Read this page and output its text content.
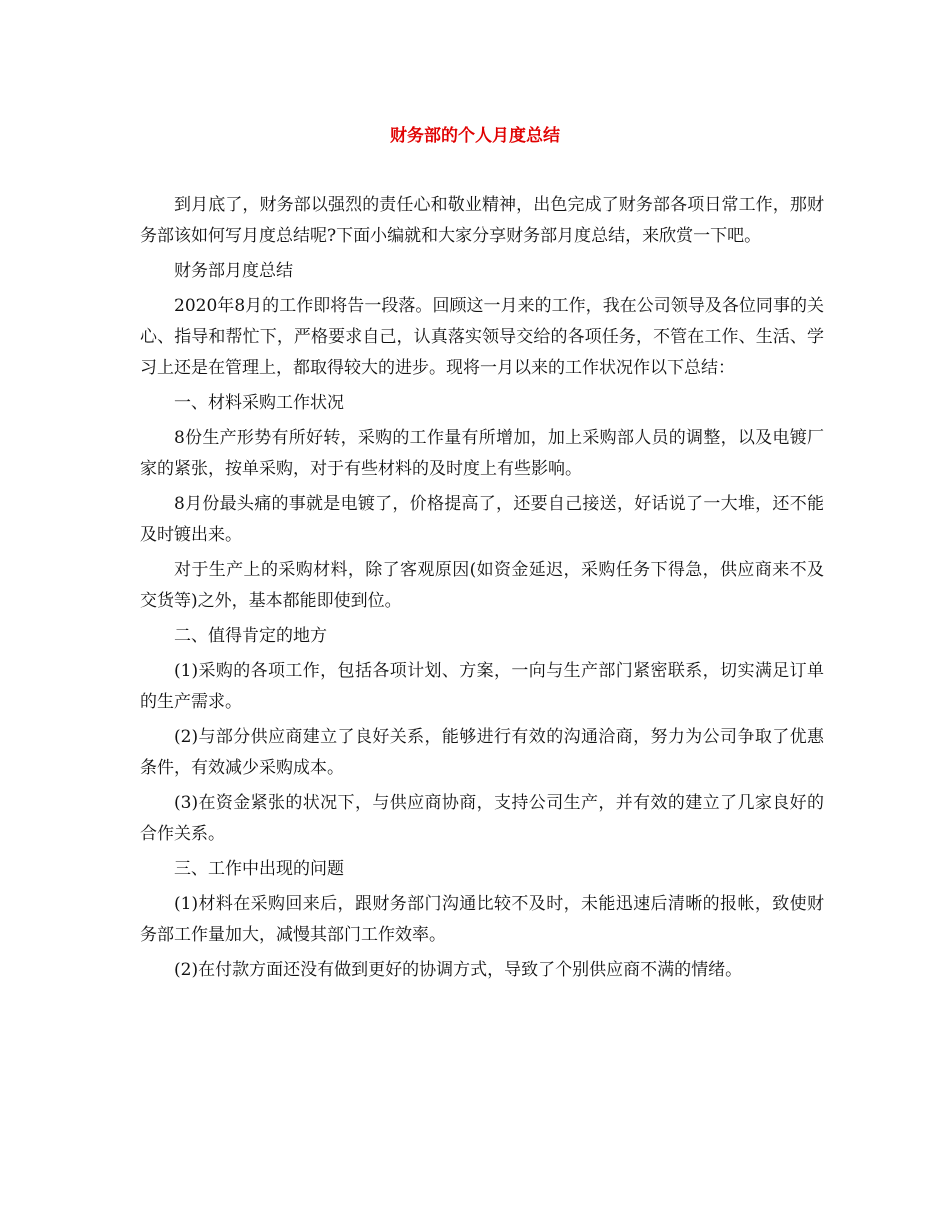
财务部的个人月度总结

到月底了，财务部以强烈的责任心和敬业精神，出色完成了财务部各项日常工作，那财务部该如何写月度总结呢?下面小编就和大家分享财务部月度总结，来欣赏一下吧。

财务部月度总结

2020年8月的工作即将告一段落。回顾这一月来的工作，我在公司领导及各位同事的关心、指导和帮忙下，严格要求自己，认真落实领导交给的各项任务，不管在工作、生活、学习上还是在管理上，都取得较大的进步。现将一月以来的工作状况作以下总结：

一、材料采购工作状况

8份生产形势有所好转，采购的工作量有所增加，加上采购部人员的调整，以及电镀厂家的紧张，按单采购，对于有些材料的及时度上有些影响。

8月份最头痛的事就是电镀了，价格提高了，还要自己接送，好话说了一大堆，还不能及时镀出来。

对于生产上的采购材料，除了客观原因(如资金延迟，采购任务下得急，供应商来不及交货等)之外，基本都能即使到位。

二、值得肯定的地方

(1)采购的各项工作，包括各项计划、方案，一向与生产部门紧密联系，切实满足订单的生产需求。

(2)与部分供应商建立了良好关系，能够进行有效的沟通洽商，努力为公司争取了优惠条件，有效减少采购成本。

(3)在资金紧张的状况下，与供应商协商，支持公司生产，并有效的建立了几家良好的合作关系。

三、工作中出现的问题

(1)材料在采购回来后，跟财务部门沟通比较不及时，未能迅速后清晰的报帐，致使财务部工作量加大，减慢其部门工作效率。

(2)在付款方面还没有做到更好的协调方式，导致了个别供应商不满的情绪。
